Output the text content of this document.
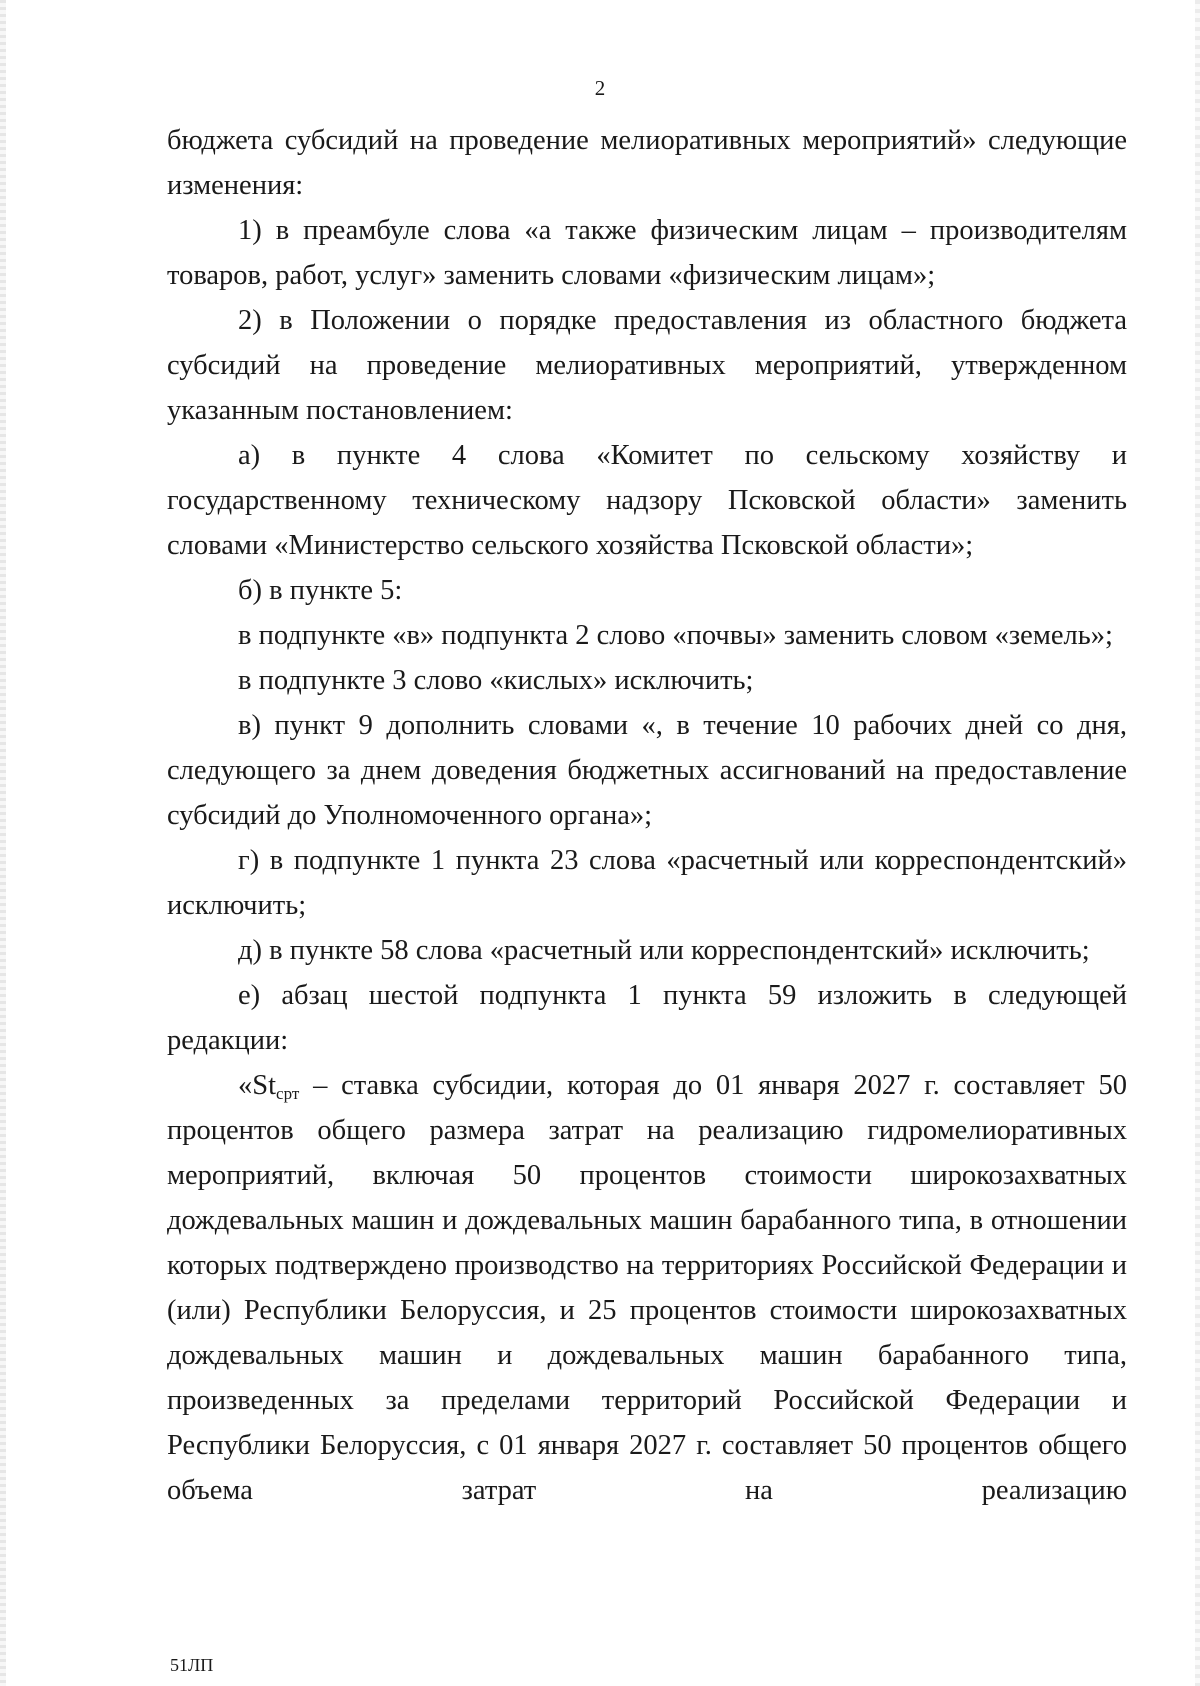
2

бюджета субсидий на проведение мелиоративных мероприятий» следующие изменения:

1) в преамбуле слова «а также физическим лицам – производителям товаров, работ, услуг» заменить словами «физическим лицам»;

2) в Положении о порядке предоставления из областного бюджета субсидий на проведение мелиоративных мероприятий, утвержденном указанным постановлением:

а) в пункте 4 слова «Комитет по сельскому хозяйству и государственному техническому надзору Псковской области» заменить словами «Министерство сельского хозяйства Псковской области»;

б) в пункте 5:

в подпункте «в» подпункта 2 слово «почвы» заменить словом «земель»;

в подпункте 3 слово «кислых» исключить;

в) пункт 9 дополнить словами «, в течение 10 рабочих дней со дня, следующего за днем доведения бюджетных ассигнований на предоставление субсидий до Уполномоченного органа»;

г) в подпункте 1 пункта 23 слова «расчетный или корреспондентский» исключить;

д) в пункте 58 слова «расчетный или корреспондентский» исключить;

е) абзац шестой подпункта 1 пункта 59 изложить в следующей редакции:

«$St_{срт}$ – ставка субсидии, которая до 01 января 2027 г. составляет 50 процентов общего размера затрат на реализацию гидромелиоративных мероприятий, включая 50 процентов стоимости широкозахватных дождевальных машин и дождевальных машин барабанного типа, в отношении которых подтверждено производство на территориях Российской Федерации и (или) Республики Белоруссия, и 25 процентов стоимости широкозахватных дождевальных машин и дождевальных машин барабанного типа, произведенных за пределами территорий Российской Федерации и Республики Белоруссия, с 01 января 2027 г. составляет 50 процентов общего объема затрат на реализацию

51ЛП
